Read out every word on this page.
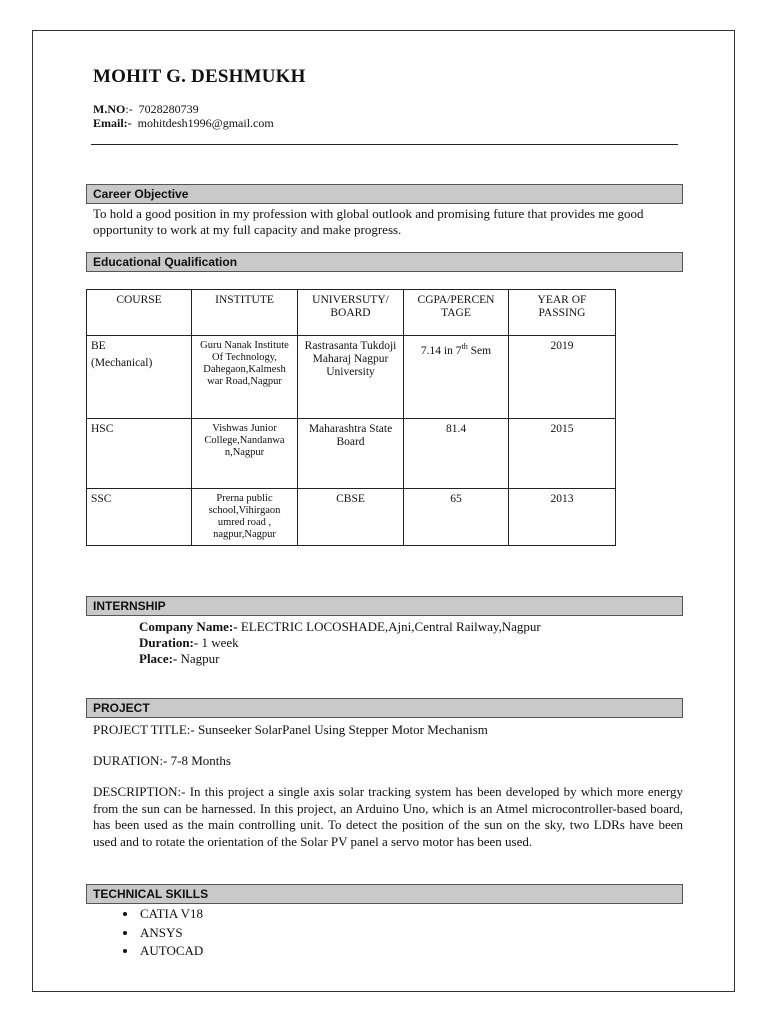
MOHIT G. DESHMUKH
M.NO:- 7028280739
Email:- mohitdesh1996@gmail.com
Career Objective
To hold a good position in my profession with global outlook and promising future that provides me good opportunity to work at my full capacity and make progress.
Educational Qualification
COURSE	INSTITUTE	UNIVERSUTY/ BOARD	CGPA/PERCEN TAGE	YEAR OF PASSING

BE
(Mechanical)	Guru Nanak Institute Of Technology, Dahegaon,Kalmesh war Road,Nagpur	Rastrasanta Tukdoji Maharaj Nagpur University	7.14 in 7th Sem	2019
HSC	Vishwas Junior College,Nandanwa n,Nagpur	Maharashtra State Board	81.4	2015
SSC	Prerna public school,Vihirgaon umred road , nagpur,Nagpur	CBSE	65	2013
INTERNSHIP
Company Name:- ELECTRIC LOCOSHADE,Ajni,Central Railway,Nagpur
Duration:- 1 week
Place:- Nagpur
PROJECT
PROJECT TITLE:- Sunseeker SolarPanel Using Stepper Motor Mechanism
DURATION:- 7-8 Months
DESCRIPTION:- In this project a single axis solar tracking system has been developed by which more energy from the sun can be harnessed. In this project, an Arduino Uno, which is an Atmel microcontroller-based board, has been used as the main controlling unit. To detect the position of the sun on the sky, two LDRs have been used and to rotate the orientation of the Solar PV panel a servo motor has been used.
TECHNICAL SKILLS
• CATIA V18
• ANSYS
• AUTOCAD
